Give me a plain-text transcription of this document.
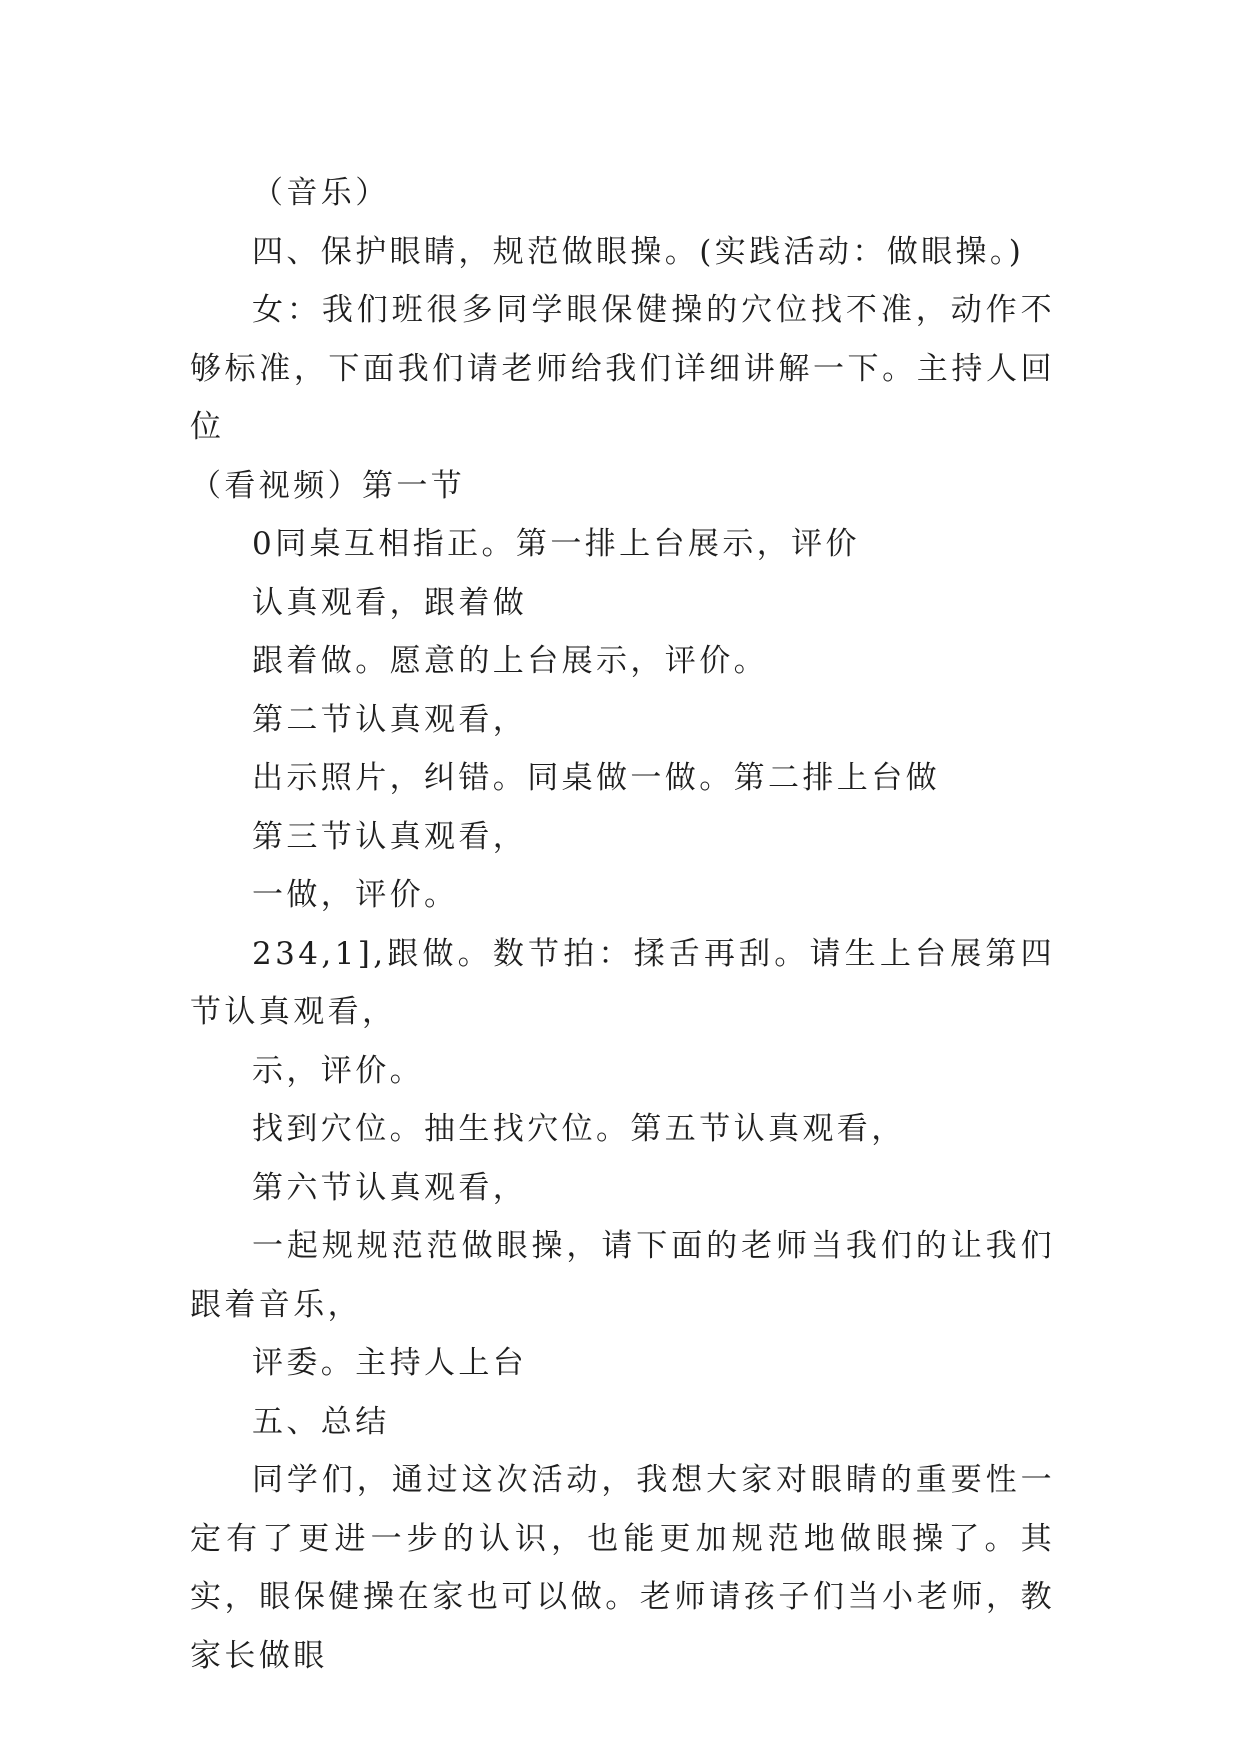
（音乐）

四、保护眼睛，规范做眼操。(实践活动：做眼操。)

女：我们班很多同学眼保健操的穴位找不准，动作不够标准，下面我们请老师给我们详细讲解一下。主持人回位

（看视频）第一节

0同桌互相指正。第一排上台展示，评价

认真观看，跟着做

跟着做。愿意的上台展示，评价。

第二节认真观看，

出示照片，纠错。同桌做一做。第二排上台做

第三节认真观看，

一做，评价。

234,1],跟做。数节拍：揉舌再刮。请生上台展第四节认真观看，

示，评价。

找到穴位。抽生找穴位。第五节认真观看，

第六节认真观看，

一起规规范范做眼操，请下面的老师当我们的让我们跟着音乐，

评委。主持人上台

五、总结

同学们，通过这次活动，我想大家对眼睛的重要性一定有了更进一步的认识，也能更加规范地做眼操了。其实，眼保健操在家也可以做。老师请孩子们当小老师，教家长做眼
